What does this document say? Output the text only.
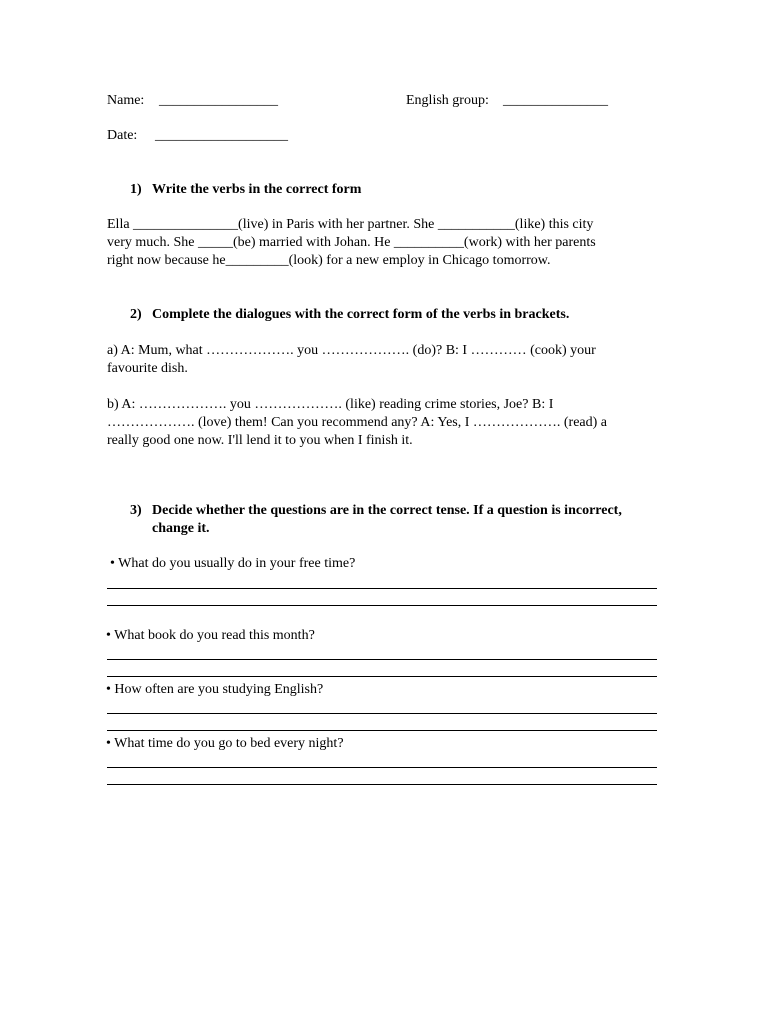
Name: _________________	English group: _______________
Date: ___________________
1) Write the verbs in the correct form
Ella _______________(live) in Paris with her partner. She ___________(like) this city
very much. She _____(be) married with Johan. He __________(work) with her parents
right now because he_________(look) for a new employ in Chicago tomorrow.
2) Complete the dialogues with the correct form of the verbs in brackets.
a) A: Mum, what ………………. you ………………. (do)? B: I ………… (cook) your
favourite dish.
b) A: ………………. you ………………. (like) reading crime stories, Joe? B: I
………………. (love) them! Can you recommend any? A: Yes, I ………………. (read) a
really good one now. I'll lend it to you when I finish it.
3) Decide whether the questions are in the correct tense. If a question is incorrect,
change it.
• What do you usually do in your free time?
• What book do you read this month?
• How often are you studying English?
• What time do you go to bed every night?
